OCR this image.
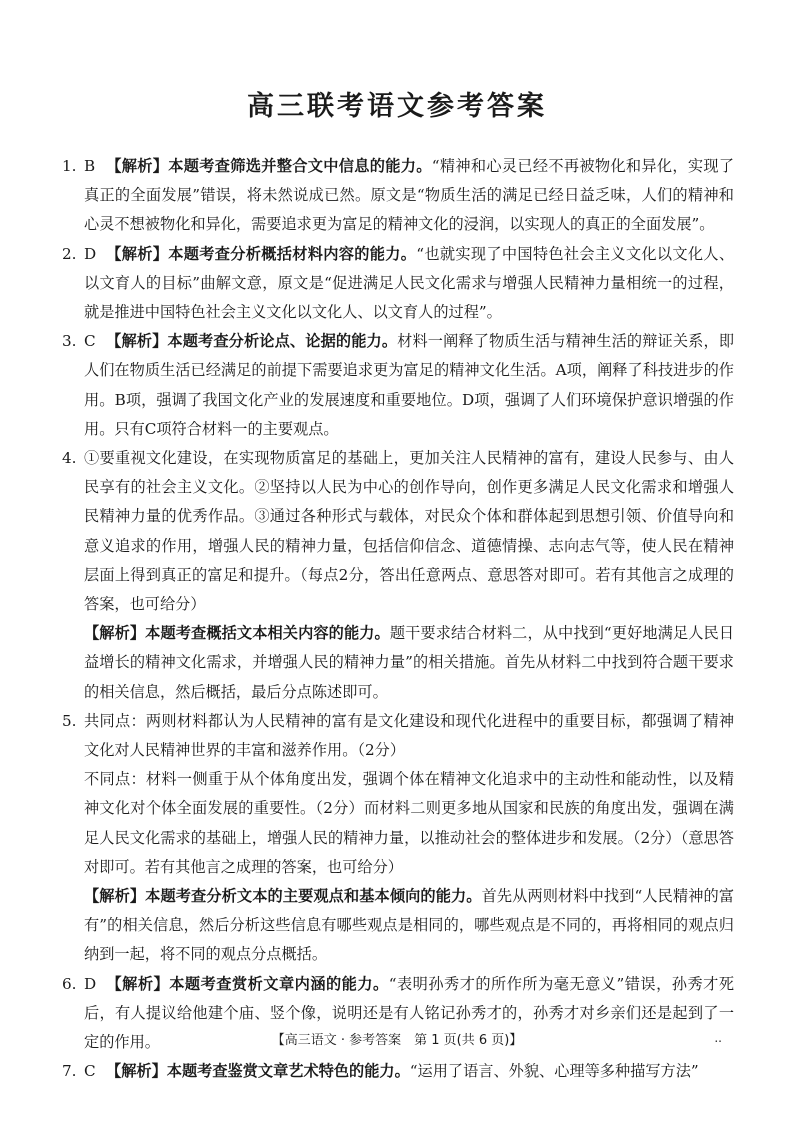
高三联考语文参考答案
1. B 【解析】本题考查筛选并整合文中信息的能力。“精神和心灵已经不再被物化和异化，实现了真正的全面发展”错误，将未然说成已然。原文是“物质生活的满足已经日益乏味，人们的精神和心灵不想被物化和异化，需要追求更为富足的精神文化的浸润，以实现人的真正的全面发展”。
2. D 【解析】本题考查分析概括材料内容的能力。“也就实现了中国特色社会主义文化以文化人、以文育人的目标”曲解文意，原文是“促进满足人民文化需求与增强人民精神力量相统一的过程，就是推进中国特色社会主义文化以文化人、以文育人的过程”。
3. C 【解析】本题考查分析论点、论据的能力。材料一阐释了物质生活与精神生活的辩证关系，即人们在物质生活已经满足的前提下需要追求更为富足的精神文化生活。A项，阐释了科技进步的作用。B项，强调了我国文化产业的发展速度和重要地位。D项，强调了人们环境保护意识增强的作用。只有C项符合材料一的主要观点。
4. ①要重视文化建设，在实现物质富足的基础上，更加关注人民精神的富有，建设人民参与、由人民享有的社会主义文化。②坚持以人民为中心的创作导向，创作更多满足人民文化需求和增强人民精神力量的优秀作品。③通过各种形式与载体，对民众个体和群体起到思想引领、价值导向和意义追求的作用，增强人民的精神力量，包括信仰信念、道德情操、志向志气等，使人民在精神层面上得到真正的富足和提升。（每点2分，答出任意两点、意思答对即可。若有其他言之成理的答案，也可给分）
【解析】本题考查概括文本相关内容的能力。题干要求结合材料二，从中找到“更好地满足人民日益增长的精神文化需求，并增强人民的精神力量”的相关措施。首先从材料二中找到符合题干要求的相关信息，然后概括，最后分点陈述即可。
5. 共同点：两则材料都认为人民精神的富有是文化建设和现代化进程中的重要目标，都强调了精神文化对人民精神世界的丰富和滋养作用。（2分）
不同点：材料一侧重于从个体角度出发，强调个体在精神文化追求中的主动性和能动性，以及精神文化对个体全面发展的重要性。（2分）而材料二则更多地从国家和民族的角度出发，强调在满足人民文化需求的基础上，增强人民的精神力量，以推动社会的整体进步和发展。（2分）（意思答对即可。若有其他言之成理的答案，也可给分）
【解析】本题考查分析文本的主要观点和基本倾向的能力。首先从两则材料中找到“人民精神的富有”的相关信息，然后分析这些信息有哪些观点是相同的，哪些观点是不同的，再将相同的观点归纳到一起，将不同的观点分点概括。
6. D 【解析】本题考查赏析文章内涵的能力。“表明孙秀才的所作所为毫无意义”错误，孙秀才死后，有人提议给他建个庙、竖个像，说明还是有人铭记孙秀才的，孙秀才对乡亲们还是起到了一定的作用。
7. C 【解析】本题考查鉴赏文章艺术特色的能力。“运用了语言、外貌、心理等多种描写方法”
【高三语文 · 参考答案　第 1 页(共 6 页)】	..
